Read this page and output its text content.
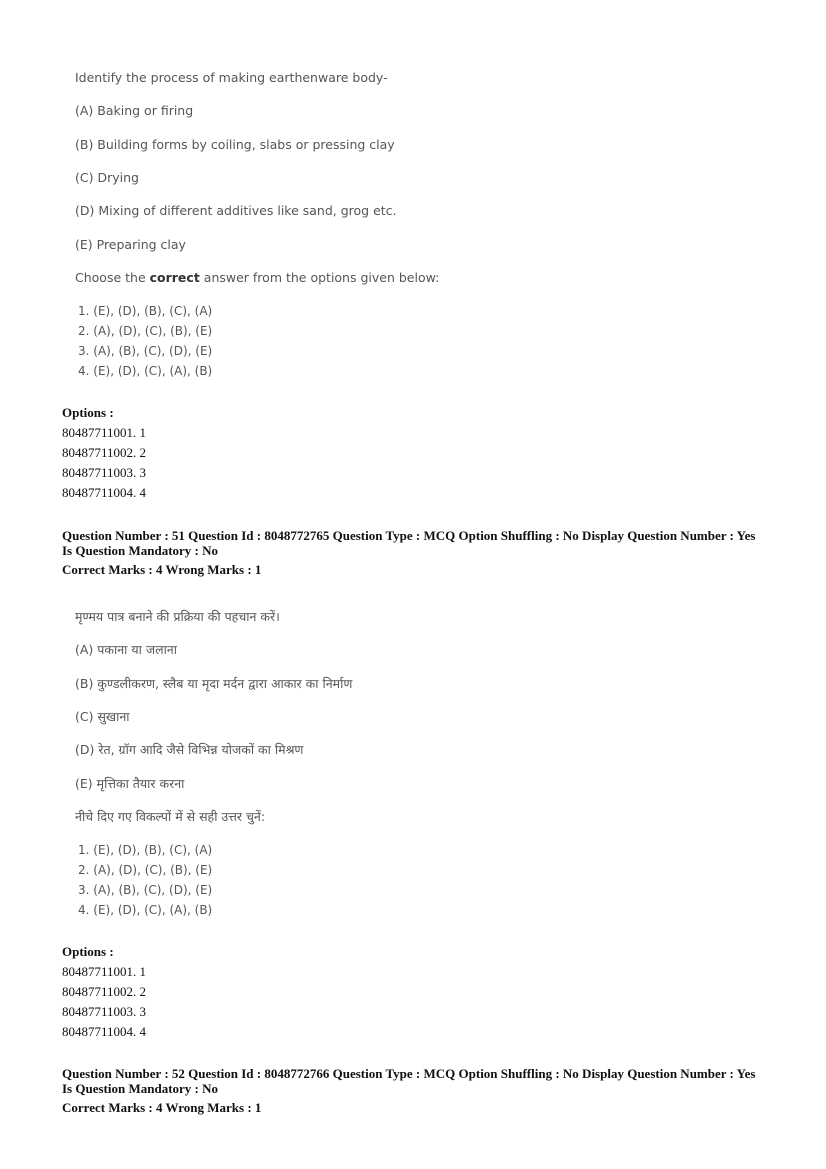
Identify the process of making earthenware body-
(A) Baking or firing
(B) Building forms by coiling, slabs or pressing clay
(C) Drying
(D) Mixing of different additives like sand, grog etc.
(E) Preparing clay
Choose the correct answer from the options given below:
1. (E), (D), (B), (C), (A)
2. (A), (D), (C), (B), (E)
3. (A), (B), (C), (D), (E)
4. (E), (D), (C), (A), (B)
Options :
80487711001. 1
80487711002. 2
80487711003. 3
80487711004. 4
Question Number : 51 Question Id : 8048772765 Question Type : MCQ Option Shuffling : No Display Question Number : Yes
Is Question Mandatory : No
Correct Marks : 4 Wrong Marks : 1
मृण्मय पात्र बनाने की प्रक्रिया की पहचान करें।
(A) पकाना या जलाना
(B) कुण्डलीकरण, स्लैब या मृदा मर्दन द्वारा आकार का निर्माण
(C) सुखाना
(D) रेत, ग्रॉग आदि जैसे विभिन्न योजकों का मिश्रण
(E) मृत्तिका तैयार करना
नीचे दिए गए विकल्पों में से सही उत्तर चुनें:
1. (E), (D), (B), (C), (A)
2. (A), (D), (C), (B), (E)
3. (A), (B), (C), (D), (E)
4. (E), (D), (C), (A), (B)
Options :
80487711001. 1
80487711002. 2
80487711003. 3
80487711004. 4
Question Number : 52 Question Id : 8048772766 Question Type : MCQ Option Shuffling : No Display Question Number : Yes
Is Question Mandatory : No
Correct Marks : 4 Wrong Marks : 1
